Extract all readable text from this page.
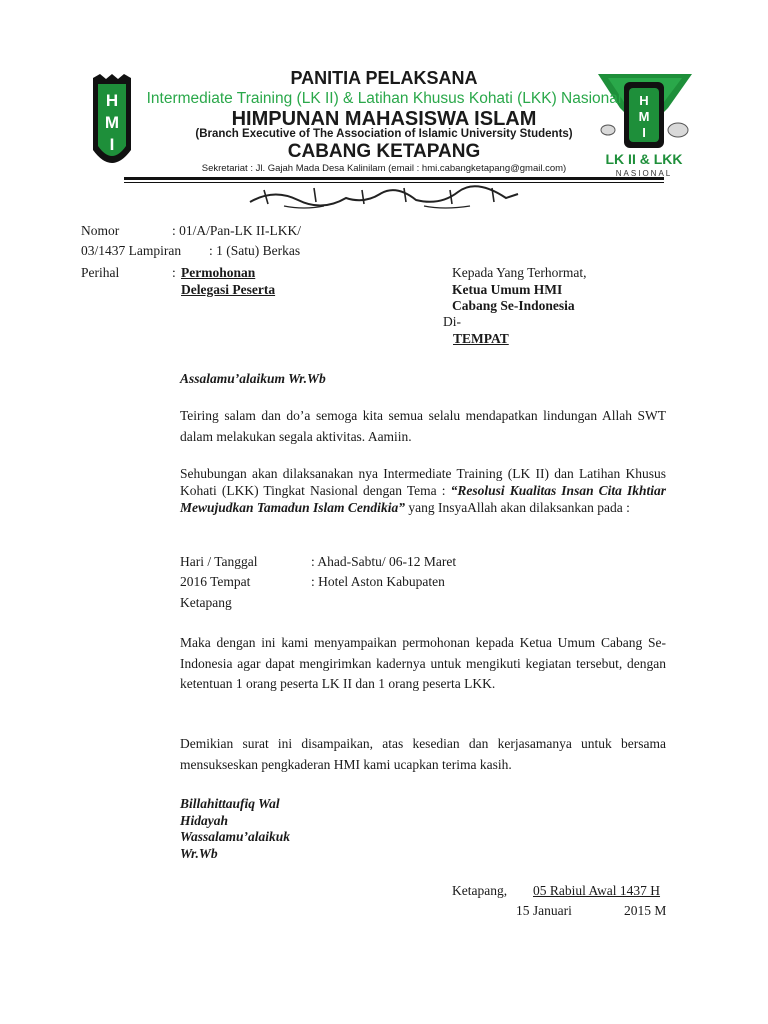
H
M
I
H
M
I
LK II & LKK
NASIONAL
PANITIA PELAKSANA
Intermediate Training (LK II) & Latihan Khusus Kohati (LKK) Nasional
HIMPUNAN MAHASISWA ISLAM
(Branch Executive of The Association of Islamic University Students)
CABANG KETAPANG
Sekretariat : Jl. Gajah Mada Desa Kalinilam (email : hmi.cabangketapang@gmail.com)
Nomor	: 01/A/Pan-LK II-LKK/
03/1437 Lampiran : 1 (Satu) Berkas
Perihal	: Permohonan
Delegasi Peserta
Kepada Yang Terhormat,
Ketua Umum HMI
Cabang Se-Indonesia
Di-
TEMPAT
Assalamu’alaikum Wr.Wb
Teiring salam dan do’a semoga kita semua selalu mendapatkan lindungan Allah SWT dalam melakukan segala aktivitas. Aamiin.
Sehubungan akan dilaksanakan nya Intermediate Training (LK II) dan Latihan Khusus Kohati (LKK) Tingkat Nasional dengan Tema : “Resolusi Kualitas Insan Cita Ikhtiar Mewujudkan Tamadun Islam Cendikia” yang InsyaAllah akan dilaksankan pada :
Hari / Tanggal	: Ahad-Sabtu/ 06-12 Maret
2016 Tempat	: Hotel Aston Kabupaten
Ketapang
Maka dengan ini kami menyampaikan permohonan kepada Ketua Umum Cabang Se-Indonesia agar dapat mengirimkan kadernya untuk mengikuti kegiatan tersebut, dengan ketentuan 1 orang peserta LK II dan 1 orang peserta LKK.
Demikian surat ini disampaikan, atas kesedian dan kerjasamanya untuk bersama mensukseskan pengkaderan HMI kami ucapkan terima kasih.
Billahittaufiq Wal
Hidayah
Wassalamu’alaikuk
Wr.Wb
Ketapang, 05 Rabiul Awal 1437 H
15 Januari	2015 M
